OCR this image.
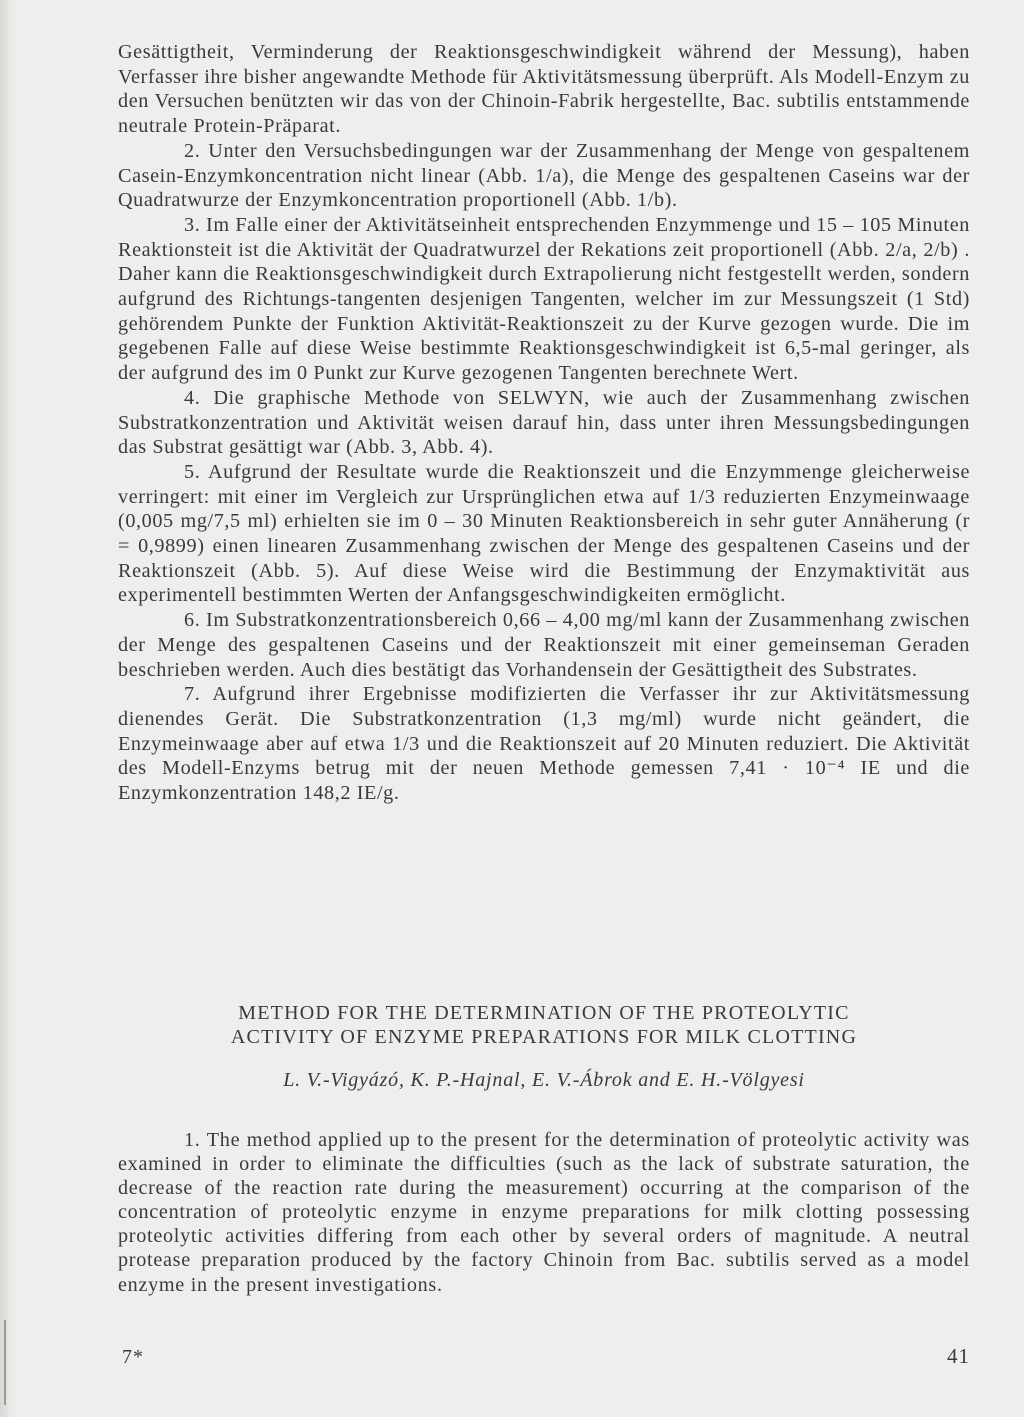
Gesättigtheit, Verminderung der Reaktionsgeschwindigkeit während der Messung), haben Verfasser ihre bisher angewandte Methode für Aktivitätsmessung überprüft. Als Modell-Enzym zu den Versuchen benützten wir das von der Chinoin-Fabrik hergestellte, Bac. subtilis entstammende neutrale Protein-Präparat.

2. Unter den Versuchsbedingungen war der Zusammenhang der Menge von gespaltenem Casein-Enzymkoncentration nicht linear (Abb. 1/a), die Menge des gespaltenen Caseins war der Quadratwurze der Enzymkoncentration proportionell (Abb. 1/b).

3. Im Falle einer der Aktivitätseinheit entsprechenden Enzymmenge und 15 – 105 Minuten Reaktionsteit ist die Aktivität der Quadratwurzel der Rekations zeit proportionell (Abb. 2/a, 2/b) . Daher kann die Reaktionsgeschwindigkeit durch Extrapolierung nicht festgestellt werden, sondern aufgrund des Richtungs-tangenten desjenigen Tangenten, welcher im zur Messungszeit (1 Std) gehörendem Punkte der Funktion Aktivität-Reaktionszeit zu der Kurve gezogen wurde. Die im gegebenen Falle auf diese Weise bestimmte Reaktionsgeschwindigkeit ist 6,5-mal geringer, als der aufgrund des im 0 Punkt zur Kurve gezogenen Tangenten berechnete Wert.

4. Die graphische Methode von SELWYN, wie auch der Zusammenhang zwischen Substratkonzentration und Aktivität weisen darauf hin, dass unter ihren Messungsbedingungen das Substrat gesättigt war (Abb. 3, Abb. 4).

5. Aufgrund der Resultate wurde die Reaktionszeit und die Enzymmenge gleicherweise verringert: mit einer im Vergleich zur Ursprünglichen etwa auf 1/3 reduzierten Enzymeinwaage (0,005 mg/7,5 ml) erhielten sie im 0 – 30 Minuten Reaktionsbereich in sehr guter Annäherung (r = 0,9899) einen linearen Zusammenhang zwischen der Menge des gespaltenen Caseins und der Reaktionszeit (Abb. 5). Auf diese Weise wird die Bestimmung der Enzymaktivität aus experimentell bestimmten Werten der Anfangsgeschwindigkeiten ermöglicht.

6. Im Substratkonzentrationsbereich 0,66 – 4,00 mg/ml kann der Zusammenhang zwischen der Menge des gespaltenen Caseins und der Reaktionszeit mit einer gemeinseman Geraden beschrieben werden. Auch dies bestätigt das Vorhandensein der Gesättigtheit des Substrates.

7. Aufgrund ihrer Ergebnisse modifizierten die Verfasser ihr zur Aktivitätsmessung dienendes Gerät. Die Substratkonzentration (1,3 mg/ml) wurde nicht geändert, die Enzymeinwaage aber auf etwa 1/3 und die Reaktionszeit auf 20 Minuten reduziert. Die Aktivität des Modell-Enzyms betrug mit der neuen Methode gemessen 7,41 · 10⁻⁴ IE und die Enzymkonzentration 148,2 IE/g.

METHOD FOR THE DETERMINATION OF THE PROTEOLYTIC
ACTIVITY OF ENZYME PREPARATIONS FOR MILK CLOTTING
L. V.-Vigyázó, K. P.-Hajnal, E. V.-Ábrok and E. H.-Völgyesi

1. The method applied up to the present for the determination of proteolytic activity was examined in order to eliminate the difficulties (such as the lack of substrate saturation, the decrease of the reaction rate during the measurement) occurring at the comparison of the concentration of proteolytic enzyme in enzyme preparations for milk clotting possessing proteolytic activities differing from each other by several orders of magnitude. A neutral protease preparation produced by the factory Chinoin from Bac. subtilis served as a model enzyme in the present investigations.

7*	41
